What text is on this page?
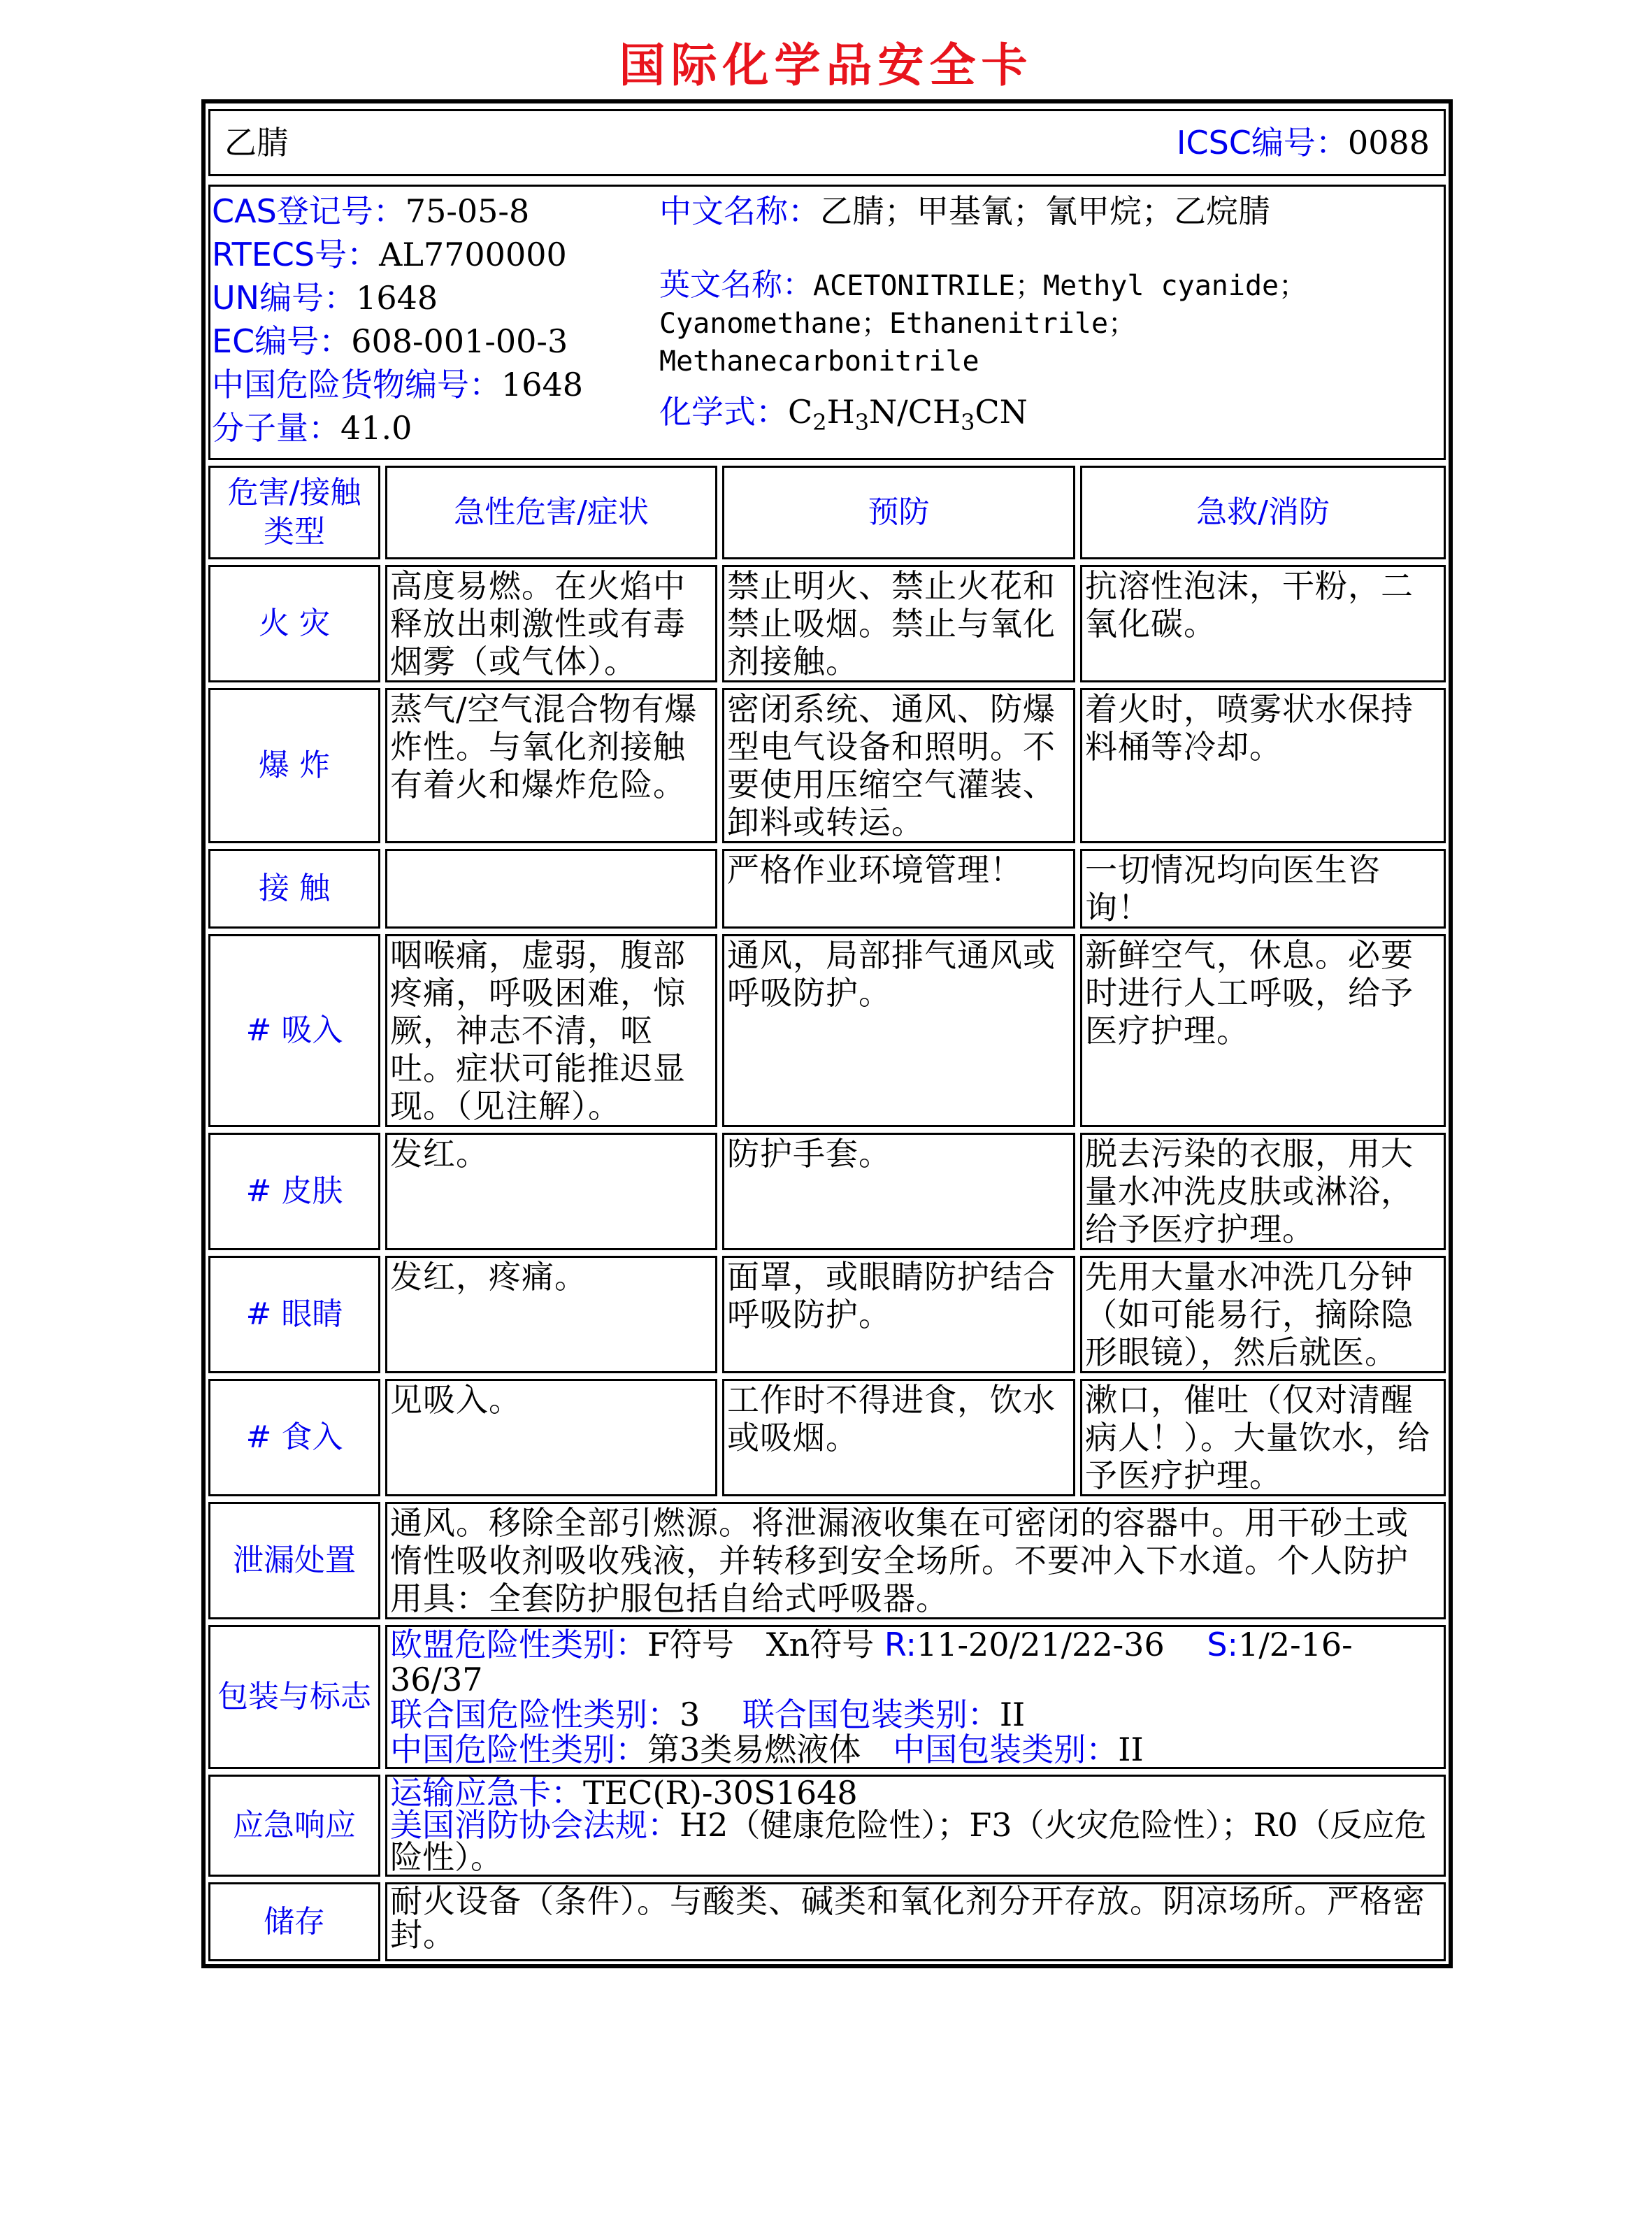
国际化学品安全卡
乙腈	ICSC编号：0088
CAS登记号：75-05-8
RTECS号：AL7700000
UN编号：1648
EC编号：608-001-00-3
中国危险货物编号：1648
分子量：41.0
中文名称：乙腈；甲基氰；氰甲烷；乙烷腈
英文名称：ACETONITRILE；Methyl cyanide；
Cyanomethane；Ethanenitrile；
Methanecarbonitrile
化学式：$C_2H_3N/CH_3CN$
危害/接触类型	急性危害/症状	预防	急救/消防
火 灾	高度易燃。在火焰中释放出刺激性或有毒烟雾（或气体）。	禁止明火、禁止火花和禁止吸烟。禁止与氧化剂接触。	抗溶性泡沫，干粉，二氧化碳。
爆 炸	蒸气/空气混合物有爆炸性。与氧化剂接触有着火和爆炸危险。	密闭系统、通风、防爆型电气设备和照明。不要使用压缩空气灌装、卸料或转运。	着火时，喷雾状水保持料桶等冷却。
接 触		严格作业环境管理！	一切情况均向医生咨询！
# 吸入	咽喉痛，虚弱，腹部疼痛，呼吸困难，惊厥，神志不清，呕吐。症状可能推迟显现。（见注解）。	通风，局部排气通风或呼吸防护。	新鲜空气，休息。必要时进行人工呼吸，给予医疗护理。
# 皮肤	发红。	防护手套。	脱去污染的衣服，用大量水冲洗皮肤或淋浴，给予医疗护理。
# 眼睛	发红，疼痛。	面罩，或眼睛防护结合呼吸防护。	先用大量水冲洗几分钟（如可能易行，摘除隐形眼镜），然后就医。
# 食入	见吸入。	工作时不得进食，饮水或吸烟。	漱口，催吐（仅对清醒病人！）。大量饮水，给予医疗护理。
泄漏处置	通风。移除全部引燃源。将泄漏液收集在可密闭的容器中。用干砂土或惰性吸收剂吸收残液，并转移到安全场所。不要冲入下水道。个人防护用具：全套防护服包括自给式呼吸器。		
包装与标志	欧盟危险性类别：F符号　Xn符号 R:11-20/21/22-36　 S:1/2-16-36/37
联合国危险性类别：3　 联合国包装类别：II
中国危险性类别：第3类易燃液体　中国包装类别：II		

应急响应	运输应急卡：TEC(R)-30S1648
美国消防协会法规：H2（健康危险性）；F3（火灾危险性）；R0（反应危险性）。		

储存	耐火设备（条件）。与酸类、碱类和氧化剂分开存放。阴凉场所。严格密封。		
